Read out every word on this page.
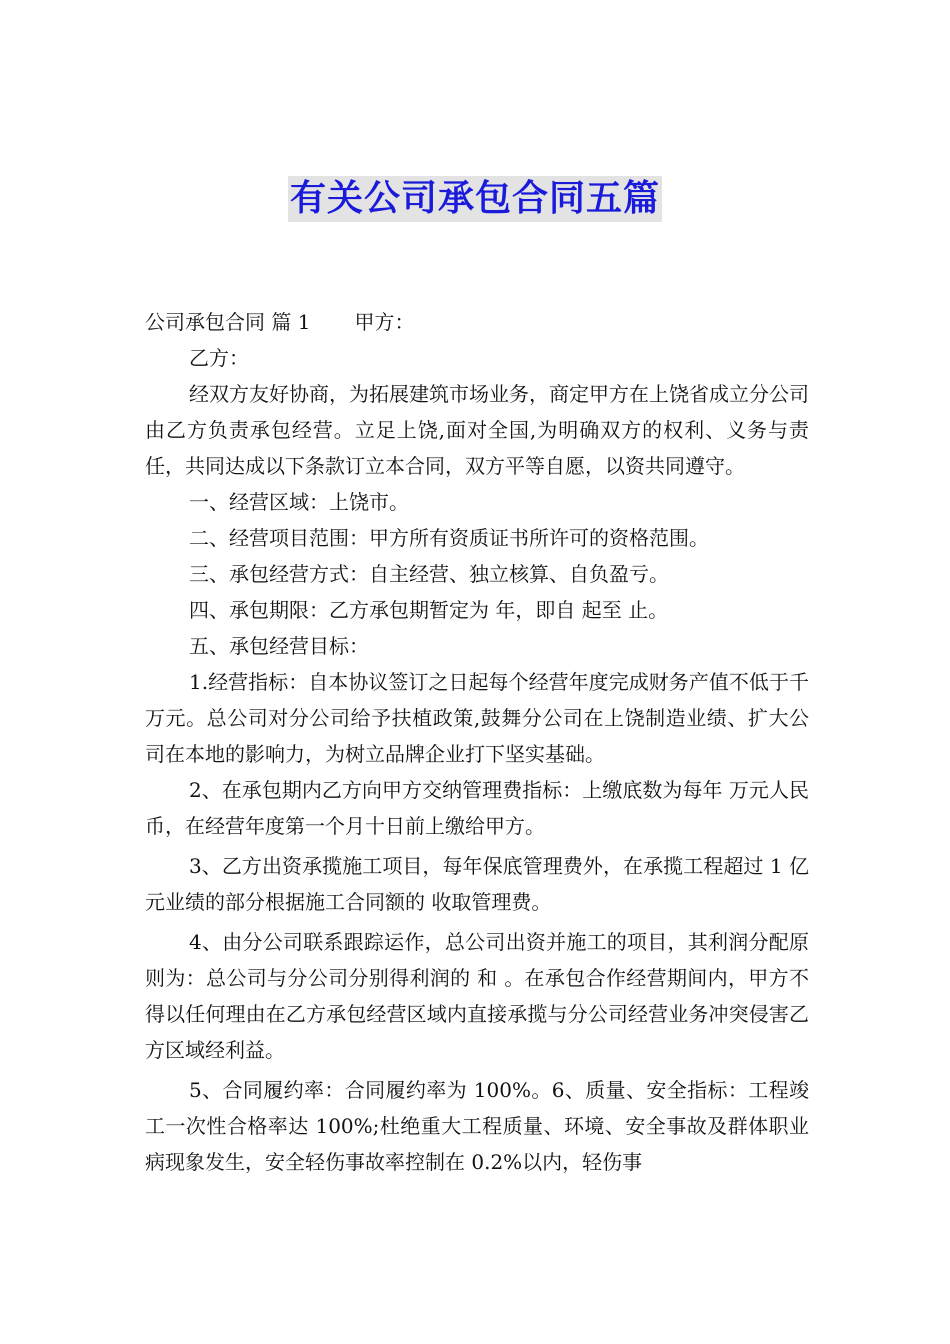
有关公司承包合同五篇

公司承包合同 篇 1 甲方：

乙方：

经双方友好协商，为拓展建筑市场业务，商定甲方在上饶省成立分公司由乙方负责承包经营。立足上饶,面对全国,为明确双方的权利、义务与责任，共同达成以下条款订立本合同，双方平等自愿，以资共同遵守。

一、经营区域：上饶市。

二、经营项目范围：甲方所有资质证书所许可的资格范围。

三、承包经营方式：自主经营、独立核算、自负盈亏。

四、承包期限：乙方承包期暂定为 年，即自 起至 止。

五、承包经营目标：

1.经营指标：自本协议签订之日起每个经营年度完成财务产值不低于千万元。总公司对分公司给予扶植政策,鼓舞分公司在上饶制造业绩、扩大公司在本地的影响力，为树立品牌企业打下坚实基础。

2、在承包期内乙方向甲方交纳管理费指标：上缴底数为每年 万元人民币，在经营年度第一个月十日前上缴给甲方。

3、乙方出资承揽施工项目，每年保底管理费外，在承揽工程超过 1 亿元业绩的部分根据施工合同额的 收取管理费。

4、由分公司联系跟踪运作，总公司出资并施工的项目，其利润分配原则为：总公司与分公司分别得利润的 和 。在承包合作经营期间内，甲方不得以任何理由在乙方承包经营区域内直接承揽与分公司经营业务冲突侵害乙方区域经利益。

5、合同履约率：合同履约率为 100%。6、质量、安全指标：工程竣工一次性合格率达 100%;杜绝重大工程质量、环境、安全事故及群体职业病现象发生，安全轻伤事故率控制在 0.2%以内，轻伤事
